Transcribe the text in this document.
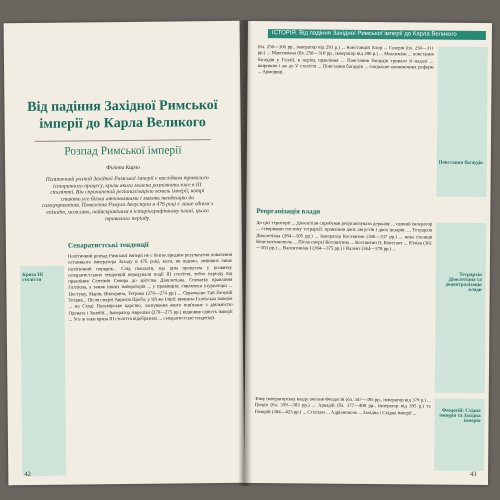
Від падіння Західної Римської імперії до Карла Великого
Розпад Римської імперії
Філіппо Карло
Політичний розпад Західної Римської імперії є наслідком тривалого історичного процесу, кризи якого можна розпізнати вже в ІІІ столітті. Він спричинений регіоналізацією земель імперії, котрі стають усе більш автономними і мають тенденцію до самоуправління. Повалення Ромула Августула в 476 році є лише одним з епізодів, можливо, найяскравішим в історіографічному плані, цього тривалого періоду.
Сепаратистські тенденції
Криза III століття
Політичний розпад Римської імперії не є безпосереднім результатом поваления останнього імператора Заходу в 476 році, коли, як відомо, змінився лише політичний порядок... Слід показати, що цим процесом у розвитку сепаратистських тенденцій передували події III століття, тобто періоду від правління Септімія Севера до зрітства Діоклетіана. Спочатку правління Галлієна, а також інших імператорів ... у провінціях з'являлися узурпатори ... Постуму, Марія, Вікторина, Тетрика (270—274 рр.) ... Одночасно Гай Пезувій Тетрик... Після смерті Аврелія Проба, у тій же Ілірії: виникла Галльська імперія ... на Сході Пальмірське царство, заснування якого пов'язане з діяльністю Одената і Зенобії... Імператор Авреліан (270—275 рр.) відновив єдність імперії ... Усе ж таки криза ІІІ століття відобразила ... сепаратистські тенденції.
42
ІСТОРІЯ. Від падіння Західної Римської імперії до Карла Великого
(бл. 250—306 рр., імператор від 293 р.) ... Констанцій Хлор ... Галерія (бл. 250—311 рр.) ... Максиміана (бл. 250—310 рр., імператор від 286 р.) ... Максиміан ... повстання багаудів у Галлії, в період правління ... Повстання багаудів тривало й надалі ... шириною і аж до V століття ... Повстання багаудів ... соціальне-економічних реформ ... Армориці.
Повстання багаудів
Реорганізація влади
До цієї території ... Діоклетіан спробував реорганізувати державу ... єдиний імператор ... створивши систему тетрархії: правління двох августів і двох цезарів. ... Тетрархія Діоклетіана (284—305 рр.) ... Імператор Костянтин (306—337 рр.) ... нова столиця Константинополь ... Після смерті Костянтина ... Костянтин ІІ, Констант ... Юліан (361—363 рр.) ... Валентиніан І (364—375 рр.) і Валент (364—378 рр.) ...
Тетрархія Діоклетіана та децентралізація влади
Тому імператорську владу очолив Феодосій (бл. 347—395 рр., імператор від 379 р.) ... Грацін (бл. 359—383 рр.) ... Аркадій (бл. 377—408 рр., імператор від 395 р.) та Гонорій (384—423 рр.) ... Стіліхон ... Адріанополь ... Західна і Східна імперії ...	Феодосій: Східна імперія та Західна імперія
43
